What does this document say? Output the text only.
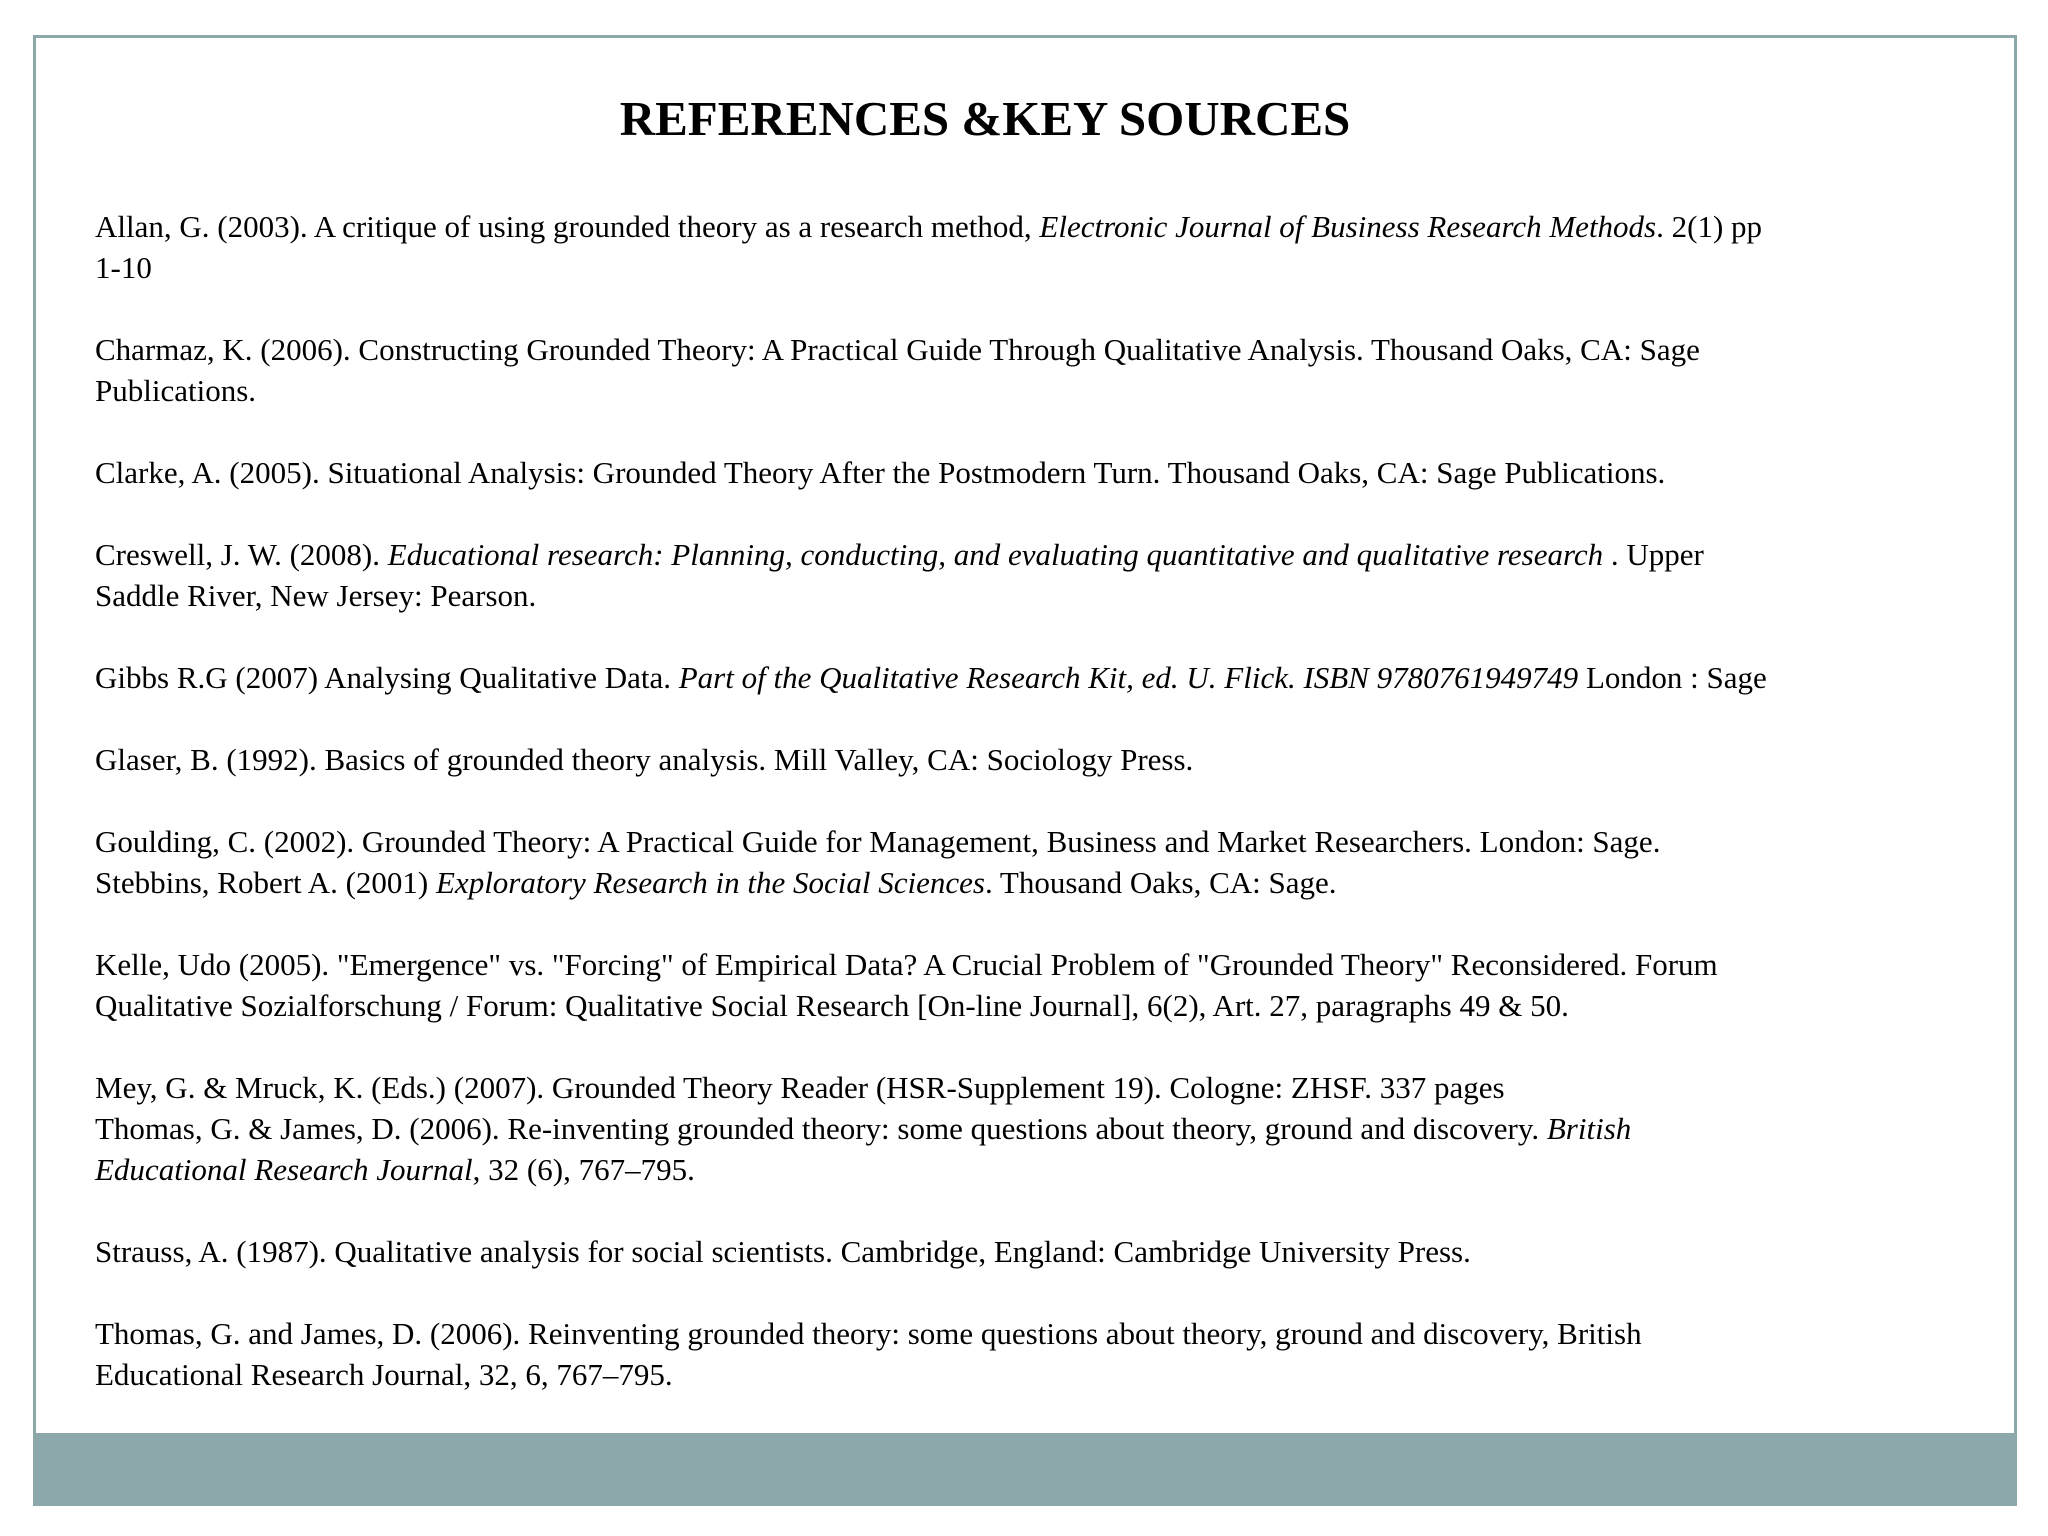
REFERENCES &KEY SOURCES
Allan, G. (2003). A critique of using grounded theory as a research method, Electronic Journal of Business Research Methods. 2(1) pp
1-10
Charmaz, K. (2006). Constructing Grounded Theory: A Practical Guide Through Qualitative Analysis. Thousand Oaks, CA: Sage
Publications.
Clarke, A. (2005). Situational Analysis: Grounded Theory After the Postmodern Turn. Thousand Oaks, CA: Sage Publications.
Creswell, J. W. (2008). Educational research: Planning, conducting, and evaluating quantitative and qualitative research . Upper
Saddle River, New Jersey: Pearson.
Gibbs R.G (2007) Analysing Qualitative Data. Part of the Qualitative Research Kit, ed. U. Flick. ISBN 9780761949749 London : Sage
Glaser, B. (1992). Basics of grounded theory analysis. Mill Valley, CA: Sociology Press.
Goulding, C. (2002). Grounded Theory: A Practical Guide for Management, Business and Market Researchers. London: Sage.
Stebbins, Robert A. (2001) Exploratory Research in the Social Sciences. Thousand Oaks, CA: Sage.
Kelle, Udo (2005). "Emergence" vs. "Forcing" of Empirical Data? A Crucial Problem of "Grounded Theory" Reconsidered. Forum
Qualitative Sozialforschung / Forum: Qualitative Social Research [On-line Journal], 6(2), Art. 27, paragraphs 49 & 50.
Mey, G. & Mruck, K. (Eds.) (2007). Grounded Theory Reader (HSR-Supplement 19). Cologne: ZHSF. 337 pages
Thomas, G. & James, D. (2006). Re-inventing grounded theory: some questions about theory, ground and discovery. British
Educational Research Journal, 32 (6), 767–795.
Strauss, A. (1987). Qualitative analysis for social scientists. Cambridge, England: Cambridge University Press.
Thomas, G. and James, D. (2006). Reinventing grounded theory: some questions about theory, ground and discovery, British
Educational Research Journal, 32, 6, 767–795.
